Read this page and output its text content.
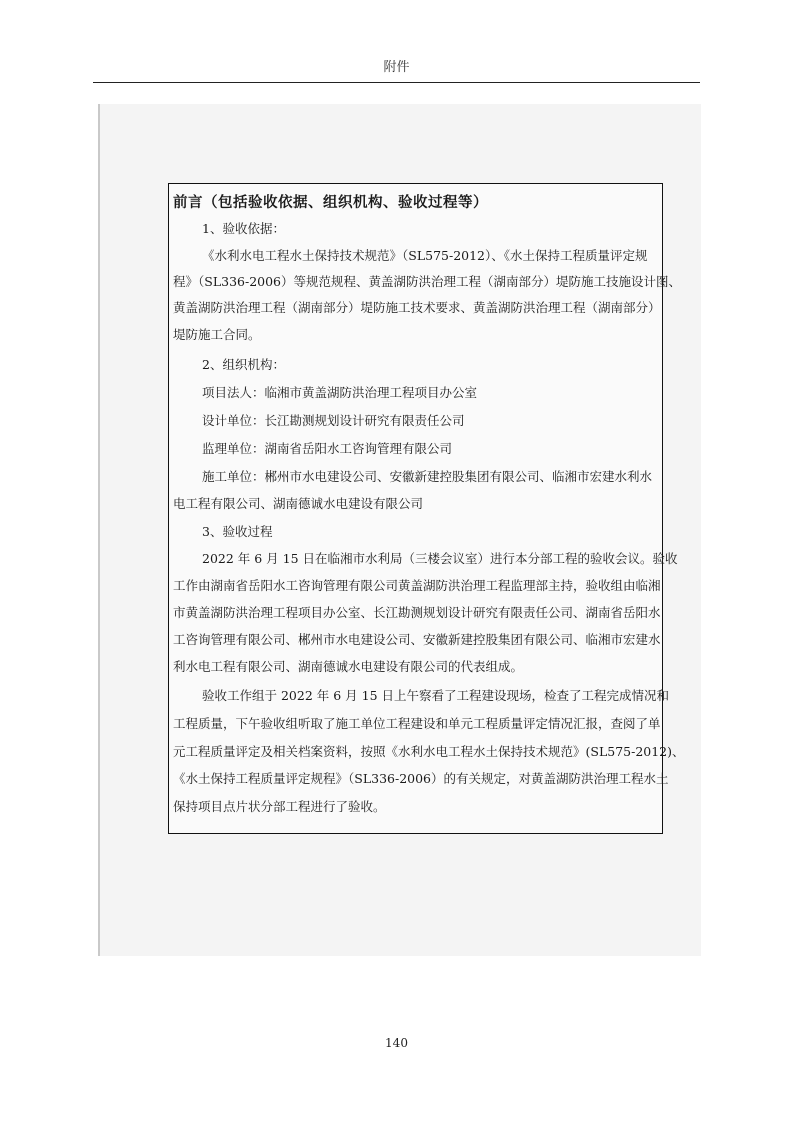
附件
前言（包括验收依据、组织机构、验收过程等）
1、验收依据：
《水利水电工程水土保持技术规范》（SL575-2012）、《水土保持工程质量评定规
程》（SL336-2006）等规范规程、黄盖湖防洪治理工程（湖南部分）堤防施工技施设计图、
黄盖湖防洪治理工程（湖南部分）堤防施工技术要求、黄盖湖防洪治理工程（湖南部分）
堤防施工合同。
2、组织机构：
项目法人：临湘市黄盖湖防洪治理工程项目办公室
设计单位：长江勘测规划设计研究有限责任公司
监理单位：湖南省岳阳水工咨询管理有限公司
施工单位：郴州市水电建设公司、安徽新建控股集团有限公司、临湘市宏建水利水
电工程有限公司、湖南德诚水电建设有限公司
3、验收过程
2022 年 6 月 15 日在临湘市水利局（三楼会议室）进行本分部工程的验收会议。验收
工作由湖南省岳阳水工咨询管理有限公司黄盖湖防洪治理工程监理部主持，验收组由临湘
市黄盖湖防洪治理工程项目办公室、长江勘测规划设计研究有限责任公司、湖南省岳阳水
工咨询管理有限公司、郴州市水电建设公司、安徽新建控股集团有限公司、临湘市宏建水
利水电工程有限公司、湖南德诚水电建设有限公司的代表组成。
验收工作组于 2022 年 6 月 15 日上午察看了工程建设现场，检查了工程完成情况和
工程质量，下午验收组听取了施工单位工程建设和单元工程质量评定情况汇报，查阅了单
元工程质量评定及相关档案资料，按照《水利水电工程水土保持技术规范》(SL575-2012)、
《水土保持工程质量评定规程》（SL336-2006）的有关规定，对黄盖湖防洪治理工程水土
保持项目点片状分部工程进行了验收。
140
